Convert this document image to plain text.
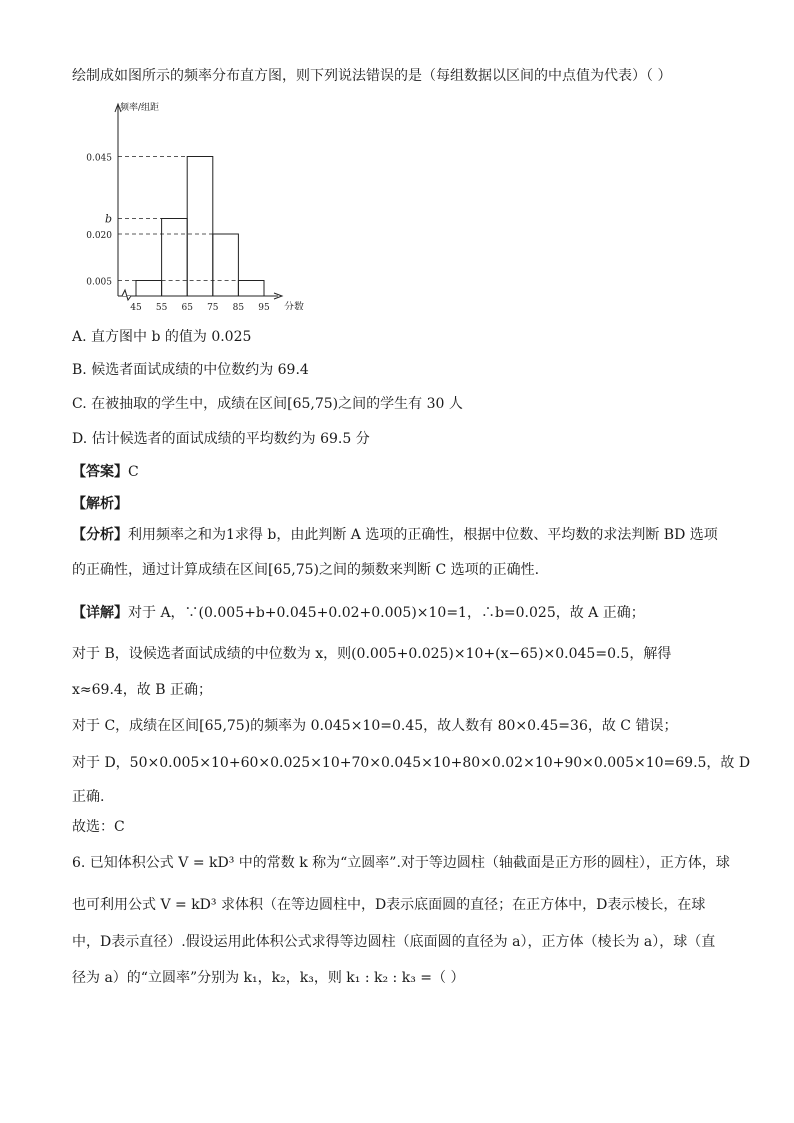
绘制成如图所示的频率分布直方图，则下列说法错误的是（每组数据以区间的中点值为代表）（ ）
0.045
b
0.020
0.005
45 55 65 75 85 95
频率/组距
分数
A. 直方图中 b 的值为 0.025
B. 候选者面试成绩的中位数约为 69.4
C. 在被抽取的学生中，成绩在区间[65,75)之间的学生有 30 人
D. 估计候选者的面试成绩的平均数约为 69.5 分
【答案】C
【解析】
【分析】利用频率之和为1求得 b，由此判断 A 选项的正确性，根据中位数、平均数的求法判断 BD 选项
的正确性，通过计算成绩在区间[65,75)之间的频数来判断 C 选项的正确性.
【详解】对于 A，∵(0.005+b+0.045+0.02+0.005)×10=1，∴b=0.025，故 A 正确；
对于 B，设候选者面试成绩的中位数为 x，则(0.005+0.025)×10+(x−65)×0.045=0.5，解得
x≈69.4，故 B 正确；
对于 C，成绩在区间[65,75)的频率为 0.045×10=0.45，故人数有 80×0.45=36，故 C 错误；
对于 D，50×0.005×10+60×0.025×10+70×0.045×10+80×0.02×10+90×0.005×10=69.5，故 D
正确.
故选：C
6. 已知体积公式 V = kD³ 中的常数 k 称为“立圆率”.对于等边圆柱（轴截面是正方形的圆柱），正方体，球
也可利用公式 V = kD³ 求体积（在等边圆柱中，D表示底面圆的直径；在正方体中，D表示棱长，在球
中，D表示直径）.假设运用此体积公式求得等边圆柱（底面圆的直径为 a），正方体（棱长为 a），球（直
径为 a）的“立圆率”分别为 k₁，k₂，k₃，则 k₁ : k₂ : k₃ =（ ）
